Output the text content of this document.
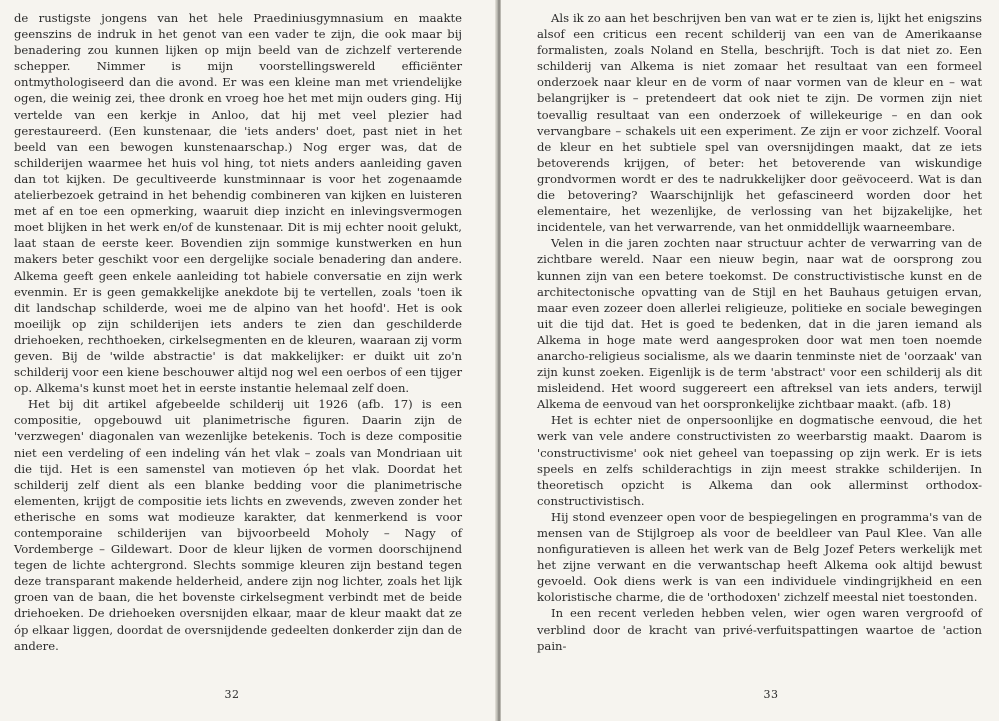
de rustigste jongens van het hele Praediniusgymnasium en maakte geenszins de indruk in het genot van een vader te zijn, die ook maar bij benadering zou kunnen lijken op mijn beeld van de zichzelf verterende schepper. Nimmer is mijn voorstellingswereld efficiënter ontmythologiseerd dan die avond. Er was een kleine man met vriendelijke ogen, die weinig zei, thee dronk en vroeg hoe het met mijn ouders ging. Hij vertelde van een kerkje in Anloo, dat hij met veel plezier had gerestaureerd. (Een kunstenaar, die 'iets anders' doet, past niet in het beeld van een bewogen kunstenaarschap.) Nog erger was, dat de schilderijen waarmee het huis vol hing, tot niets anders aanleiding gaven dan tot kijken. De gecultiveerde kunstminnaar is voor het zogenaamde atelierbezoek getraind in het behendig combineren van kijken en luisteren met af en toe een opmerking, waaruit diep inzicht en inlevingsvermogen moet blijken in het werk en/of de kunstenaar. Dit is mij echter nooit gelukt, laat staan de eerste keer. Bovendien zijn sommige kunstwerken en hun makers beter geschikt voor een dergelijke sociale benadering dan andere. Alkema geeft geen enkele aanleiding tot habiele conversatie en zijn werk evenmin. Er is geen gemakkelijke anekdote bij te vertellen, zoals 'toen ik dit landschap schilderde, woei me de alpino van het hoofd'. Het is ook moeilijk op zijn schilderijen iets anders te zien dan geschilderde driehoeken, rechthoeken, cirkelsegmenten en de kleuren, waaraan zij vorm geven. Bij de 'wilde abstractie' is dat makkelijker: er duikt uit zo'n schilderij voor een kiene beschouwer altijd nog wel een oerbos of een tijger op. Alkema's kunst moet het in eerste instantie helemaal zelf doen.

Het bij dit artikel afgebeelde schilderij uit 1926 (afb. 17) is een compositie, opgebouwd uit planimetrische figuren. Daarin zijn de 'verzwegen' diagonalen van wezenlijke betekenis. Toch is deze compositie niet een verdeling of een indeling ván het vlak – zoals van Mondriaan uit die tijd. Het is een samenstel van motieven óp het vlak. Doordat het schilderij zelf dient als een blanke bedding voor die planimetrische elementen, krijgt de compositie iets lichts en zwevends, zweven zonder het etherische en soms wat modieuze karakter, dat kenmerkend is voor contemporaine schilderijen van bijvoorbeeld Moholy – Nagy of Vordemberge – Gildewart. Door de kleur lijken de vormen doorschijnend tegen de lichte achtergrond. Slechts sommige kleuren zijn bestand tegen deze transparant makende helderheid, andere zijn nog lichter, zoals het lijk groen van de baan, die het bovenste cirkelsegment verbindt met de beide driehoeken. De driehoeken oversnijden elkaar, maar de kleur maakt dat ze óp elkaar liggen, doordat de oversnijdende gedeelten donkerder zijn dan de andere.

32

Als ik zo aan het beschrijven ben van wat er te zien is, lijkt het enigszins alsof een criticus een recent schilderij van een van de Amerikaanse formalisten, zoals Noland en Stella, beschrijft. Toch is dat niet zo. Een schilderij van Alkema is niet zomaar het resultaat van een formeel onderzoek naar kleur en de vorm of naar vormen van de kleur en – wat belangrijker is – pretendeert dat ook niet te zijn. De vormen zijn niet toevallig resultaat van een onderzoek of willekeurige – en dan ook vervangbare – schakels uit een experiment. Ze zijn er voor zichzelf. Vooral de kleur en het subtiele spel van oversnijdingen maakt, dat ze iets betoverends krijgen, of beter: het betoverende van wiskundige grondvormen wordt er des te nadrukkelijker door geëvoceerd. Wat is dan die betovering? Waarschijnlijk het gefascineerd worden door het elementaire, het wezenlijke, de verlossing van het bijzakelijke, het incidentele, van het verwarrende, van het onmiddellijk waarneembare.

Velen in die jaren zochten naar structuur achter de verwarring van de zichtbare wereld. Naar een nieuw begin, naar wat de oorsprong zou kunnen zijn van een betere toekomst. De constructivistische kunst en de architectonische opvatting van de Stijl en het Bauhaus getuigen ervan, maar even zozeer doen allerlei religieuze, politieke en sociale bewegingen uit die tijd dat. Het is goed te bedenken, dat in die jaren iemand als Alkema in hoge mate werd aangesproken door wat men toen noemde anarcho-religieus socialisme, als we daarin tenminste niet de 'oorzaak' van zijn kunst zoeken. Eigenlijk is de term 'abstract' voor een schilderij als dit misleidend. Het woord suggereert een aftreksel van iets anders, terwijl Alkema de eenvoud van het oorspronkelijke zichtbaar maakt. (afb. 18)

Het is echter niet de onpersoonlijke en dogmatische eenvoud, die het werk van vele andere constructivisten zo weerbarstig maakt. Daarom is 'constructivisme' ook niet geheel van toepassing op zijn werk. Er is iets speels en zelfs schilderachtigs in zijn meest strakke schilderijen. In theoretisch opzicht is Alkema dan ook allerminst orthodox-constructivistisch.

Hij stond evenzeer open voor de bespiegelingen en programma's van de mensen van de Stijlgroep als voor de beeldleer van Paul Klee. Van alle nonfiguratieven is alleen het werk van de Belg Jozef Peters werkelijk met het zijne verwant en die verwantschap heeft Alkema ook altijd bewust gevoeld. Ook diens werk is van een individuele vindingrijkheid en een koloristische charme, die de 'orthodoxen' zichzelf meestal niet toestonden.

In een recent verleden hebben velen, wier ogen waren vergroofd of verblind door de kracht van privé-verfuitspattingen waartoe de 'action pain-

33
